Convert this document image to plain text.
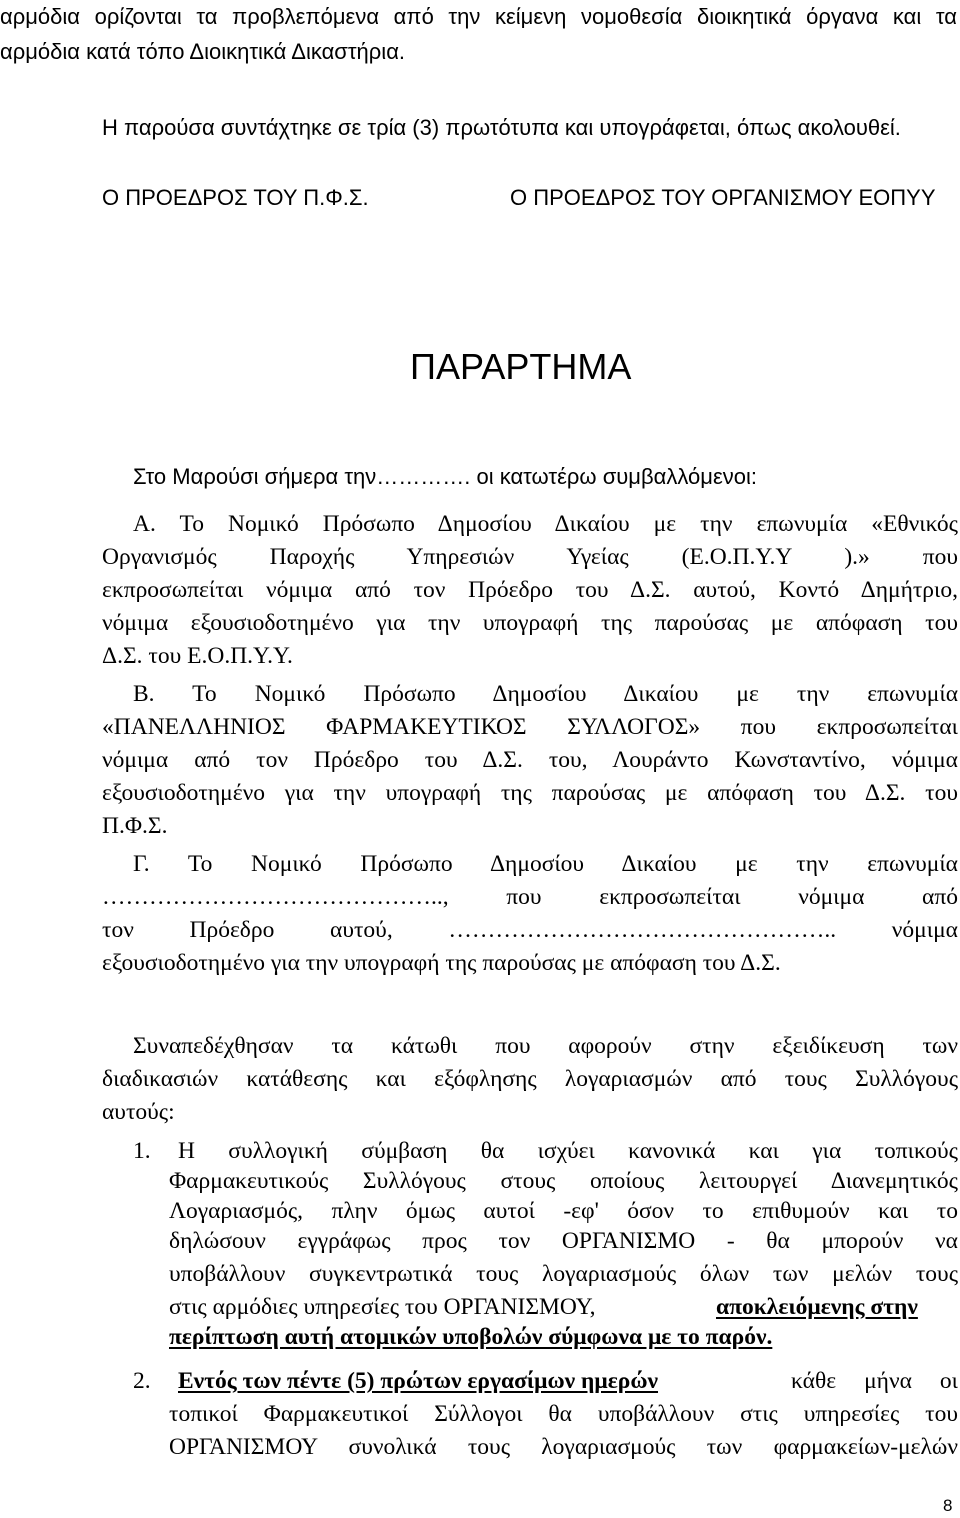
αρμόδια ορίζονται τα προβλεπόμενα από την κείμενη νομοθεσία διοικητικά όργανα και τα
αρμόδια κατά τόπο Διοικητικά Δικαστήρια.
Η παρούσα συντάχτηκε σε τρία (3) πρωτότυπα και υπογράφεται, όπως ακολουθεί.
Ο ΠΡΟΕΔΡΟΣ ΤΟΥ Π.Φ.Σ.	Ο ΠΡΟΕΔΡΟΣ ΤΟΥ ΟΡΓΑΝΙΣΜΟΥ ΕΟΠΥΥ
ΠΑΡΑΡΤΗΜΑ
Στο Μαρούσι σήμερα την…………. οι κατωτέρω συμβαλλόμενοι:
Α. Το Νομικό Πρόσωπο Δημοσίου Δικαίου με την επωνυμία «Εθνικός
Οργανισμός Παροχής Υπηρεσιών Υγείας (Ε.Ο.Π.Υ.Υ ).» που
εκπροσωπείται νόμιμα από τον Πρόεδρο του Δ.Σ. αυτού, Κοντό Δημήτριο,
νόμιμα εξουσιοδοτημένο για την υπογραφή της παρούσας με απόφαση του
Δ.Σ. του Ε.Ο.Π.Υ.Υ.
Β. Το Νομικό Πρόσωπο Δημοσίου Δικαίου με την επωνυμία
«ΠΑΝΕΛΛΗΝΙΟΣ ΦΑΡΜΑΚΕΥΤΙΚΟΣ ΣΥΛΛΟΓΟΣ» που εκπροσωπείται
νόμιμα από τον Πρόεδρο του Δ.Σ. του, Λουράντο Κωνσταντίνο, νόμιμα
εξουσιοδοτημένο για την υπογραφή της παρούσας με απόφαση του Δ.Σ. του
Π.Φ.Σ.
Γ. Το Νομικό Πρόσωπο Δημοσίου Δικαίου με την επωνυμία
…………………………………….., που εκπροσωπείται νόμιμα από
τον Πρόεδρο αυτού, ………………………………………….. νόμιμα
εξουσιοδοτημένο για την υπογραφή της παρούσας με απόφαση του Δ.Σ.
Συναπεδέχθησαν τα κάτωθι που αφορούν στην εξειδίκευση των
διαδικασιών κατάθεσης και εξόφλησης λογαριασμών από τους Συλλόγους
αυτούς:
1. Η συλλογική σύμβαση θα ισχύει κανονικά και για τοπικούς
Φαρμακευτικούς Συλλόγους στους οποίους λειτουργεί Διανεμητικός
Λογαριασμός, πλην όμως αυτοί -εφ' όσον το επιθυμούν και το
δηλώσουν εγγράφως προς τον ΟΡΓΑΝΙΣΜΟ - θα μπορούν να
υποβάλλουν συγκεντρωτικά τους λογαριασμούς όλων των μελών τους
στις αρμόδιες υπηρεσίες του ΟΡΓΑΝΙΣΜΟΥ,	αποκλειόμενης στην
περίπτωση αυτή ατομικών υποβολών σύμφωνα με το παρόν.
2. Εντός των πέντε (5) πρώτων εργασίμων ημερών	κάθε μήνα οι
τοπικοί Φαρμακευτικοί Σύλλογοι θα υποβάλλουν στις υπηρεσίες του
ΟΡΓΑΝΙΣΜΟΥ συνολικά τους λογαριασμούς των φαρμακείων-μελών
8
